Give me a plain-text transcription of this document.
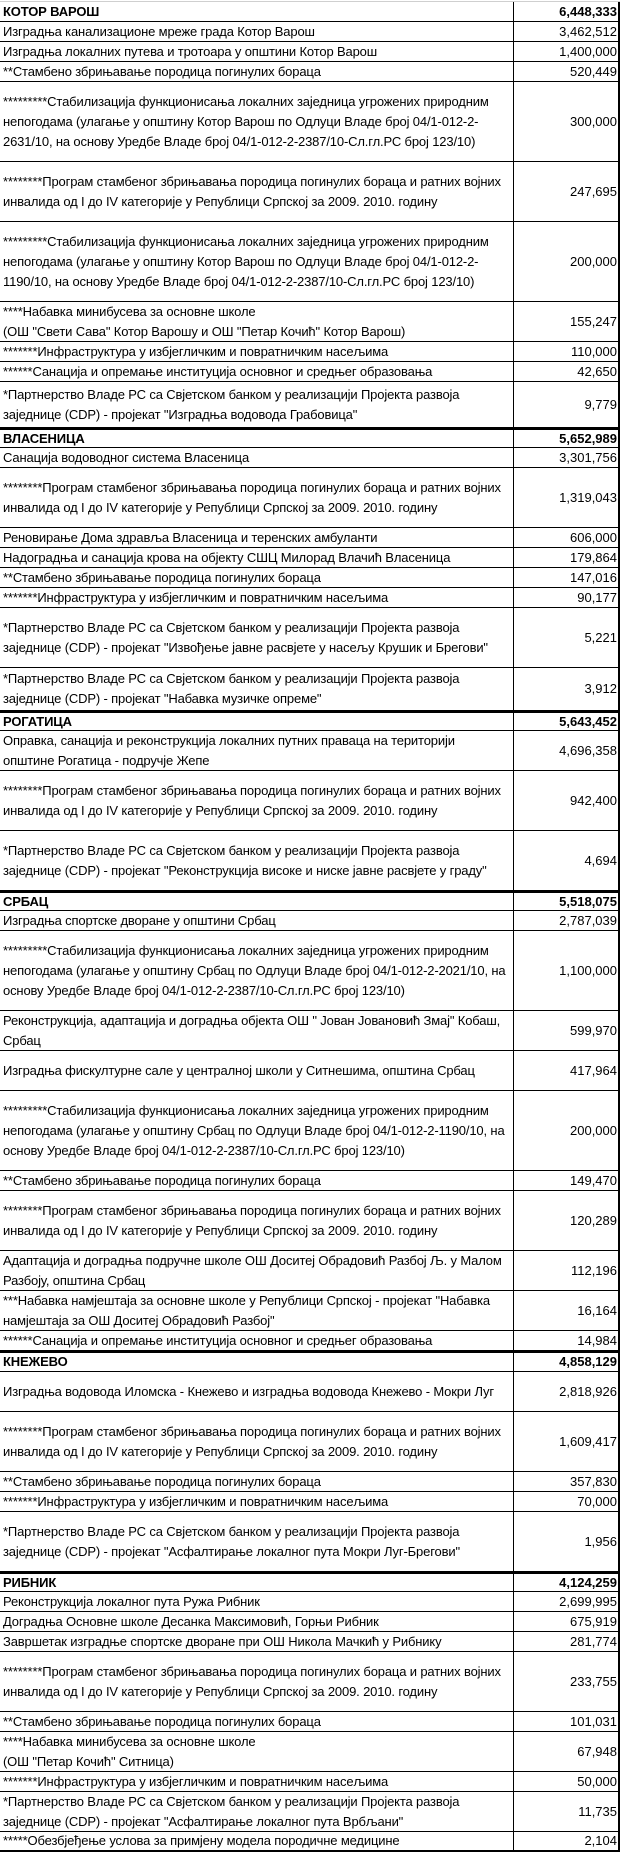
КОТОР ВАРОШ	6,448,333
Изградња канализационе мреже града Котор Варош	3,462,512
Изградња локалних путева и тротоара у општини Котор Варош	1,400,000
**Стамбено збрињавање породица погинулих бораца	520,449
*********Стабилизација функционисања локалних заједница угрожених природним непогодама (улагање у општину Котор Варош по Одлуци Владе број 04/1-012-2-2631/10, на основу Уредбе Владе број 04/1-012-2-2387/10-Сл.гл.РС број 123/10)
300,000
********Програм стамбеног збрињавања породица погинулих бораца и ратних војних инвалида од I до IV категорије у Републици Српској за 2009. 2010. годину
247,695
*********Стабилизација функционисања локалних заједница угрожених природним непогодама (улагање у општину Котор Варош по Одлуци Владе број 04/1-012-2-1190/10, на основу Уредбе Владе број 04/1-012-2-2387/10-Сл.гл.РС број 123/10)
200,000
****Набавка минибусева за основне школе
(ОШ "Свети Сава" Котор Варошу и ОШ "Петар Кочић" Котор Варош)
155,247
*******Инфраструктура у избјегличким и повратничким насељима	110,000
******Санација и опремање институција основног и средњег образовања	42,650
*Партнерство Владе РС са Свјетском банком у реализацији Пројекта развоја заједнице (CDP) - пројекат "Изградња водовода Грабовица"
9,779
ВЛАСЕНИЦА	5,652,989
Санација водоводног система Власеница	3,301,756
********Програм стамбеног збрињавања породица погинулих бораца и ратних војних инвалида од I до IV категорије у Републици Српској за 2009. 2010. годину
1,319,043
Реновирање Дома здравља Власеница и теренских амбуланти	606,000
Надоградња и санација крова на објекту СШЦ Милорад Влачић Власеница	179,864
**Стамбено збрињавање породица погинулих бораца	147,016
*******Инфраструктура у избјегличким и повратничким насељима	90,177
*Партнерство Владе РС са Свјетском банком у реализацији Пројекта развоја заједнице (CDP) - пројекат "Извођење јавне расвјете у насељу Крушик и Брегови"
5,221
*Партнерство Владе РС са Свјетском банком у реализацији Пројекта развоја заједнице (CDP) - пројекат "Набавка музичке опреме"
3,912
РОГАТИЦА	5,643,452
Оправка, санација и реконструкција локалних путних праваца на територији општине Рогатица - подручје Жепе
4,696,358
********Програм стамбеног збрињавања породица погинулих бораца и ратних војних инвалида од I до IV категорије у Републици Српској за 2009. 2010. годину
942,400
*Партнерство Владе РС са Свјетском банком у реализацији Пројекта развоја заједнице (CDP) - пројекат "Реконструкција високе и ниске јавне расвјете у граду"
4,694
СРБАЦ	5,518,075
Изградња спортске дворане у општини Србац	2,787,039
*********Стабилизација функционисања локалних заједница угрожених природним непогодама (улагање у општину Србац по Одлуци Владе број 04/1-012-2-2021/10, на основу Уредбе Владе број 04/1-012-2-2387/10-Сл.гл.РС број 123/10)
1,100,000
Реконструкција, адаптација и доградња објекта ОШ " Јован Јовановић Змај" Кобаш, Србац
599,970
Изградња фискултурне сале у централној школи у Ситнешима, општина Србац	417,964
*********Стабилизација функционисања локалних заједница угрожених природним непогодама (улагање у општину Србац по Одлуци Владе број 04/1-012-2-1190/10, на основу Уредбе Владе број 04/1-012-2-2387/10-Сл.гл.РС број 123/10)
200,000
**Стамбено збрињавање породица погинулих бораца	149,470
********Програм стамбеног збрињавања породица погинулих бораца и ратних војних инвалида од I до IV категорије у Републици Српској за 2009. 2010. годину
120,289
Адаптација и доградња подручне школе ОШ Доситеј Обрадовић Разбој Љ. у Малом Разбоју, општина Србац
112,196
***Набавка намјештаја за основне школе у Републици Српској - пројекат "Набавка намјештаја за ОШ Доситеј Обрадовић Разбој"
16,164
******Санација и опремање институција основног и средњег образовања	14,984
КНЕЖЕВО	4,858,129
Изградња водовода Иломска - Кнежево и изградња водовода Кнежево - Мокри Луг	2,818,926
********Програм стамбеног збрињавања породица погинулих бораца и ратних војних инвалида од I до IV категорије у Републици Српској за 2009. 2010. годину
1,609,417
**Стамбено збрињавање породица погинулих бораца	357,830
*******Инфраструктура у избјегличким и повратничким насељима	70,000
*Партнерство Владе РС са Свјетском банком у реализацији Пројекта развоја заједнице (CDP) - пројекат "Асфалтирање локалног пута Мокри Луг-Брегови"
1,956
РИБНИК	4,124,259
Реконструкција локалног пута Ружа Рибник	2,699,995
Доградња Основне школе Десанка Максимовић, Горњи Рибник	675,919
Завршетак изградње спортске дворане при ОШ Никола Мачкић у Рибнику	281,774
********Програм стамбеног збрињавања породица погинулих бораца и ратних војних инвалида од I до IV категорије у Републици Српској за 2009. 2010. годину
233,755
**Стамбено збрињавање породица погинулих бораца	101,031
****Набавка минибусева за основне школе
(ОШ "Петар Кочић" Ситница)
67,948
*******Инфраструктура у избјегличким и повратничким насељима	50,000
*Партнерство Владе РС са Свјетском банком у реализацији Пројекта развоја заједнице (CDP) - пројекат "Асфалтирање локалног пута Врбљани"
11,735
*****Обезбјеђење услова за примјену модела породичне медицине	2,104
